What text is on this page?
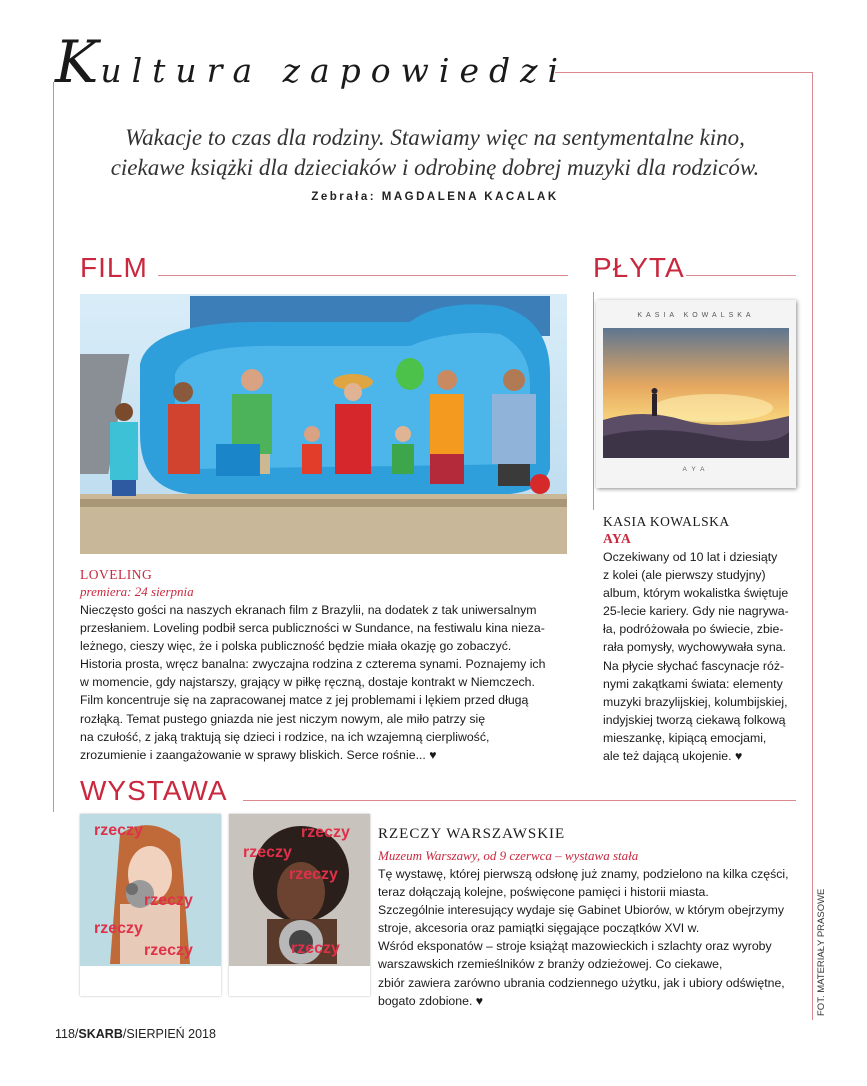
Kultura zapowiedzi
Wakacje to czas dla rodziny. Stawiamy więc na sentymentalne kino,
ciekawe książki dla dzieciaków i odrobinę dobrej muzyki dla rodziców.
Zebrała: MAGDALENA KACALAK
FILM
LOVELING
premiera: 24 sierpnia
Nieczęsto gości na naszych ekranach film z Brazylii, na dodatek z tak uniwersalnym
przesłaniem. Loveling podbił serca publiczności w Sundance, na festiwalu kina nieza-
leżnego, cieszy więc, że i polska publiczność będzie miała okazję go zobaczyć.
Historia prosta, wręcz banalna: zwyczajna rodzina z czterema synami. Poznajemy ich
w momencie, gdy najstarszy, grający w piłkę ręczną, dostaje kontrakt w Niemczech.
Film koncentruje się na zapracowanej matce z jej problemami i lękiem przed długą
rozłąką. Temat pustego gniazda nie jest niczym nowym, ale miło patrzy się
na czułość, z jaką traktują się dzieci i rodzice, na ich wzajemną cierpliwość,
zrozumienie i zaangażowanie w sprawy bliskich. Serce rośnie... ♥
PŁYTA
KASIA KOWALSKA
AYA
KASIA KOWALSKA
AYA
Oczekiwany od 10 lat i dziesiąty
z kolei (ale pierwszy studyjny)
album, którym wokalistka świętuje
25-lecie kariery. Gdy nie nagrywa-
ła, podróżowała po świecie, zbie-
rała pomysły, wychowywała syna.
Na płycie słychać fascynacje róż-
nymi zakątkami świata: elementy
muzyki brazylijskiej, kolumbijskiej,
indyjskiej tworzą ciekawą folkową
mieszankę, kipiącą emocjami,
ale też dającą ukojenie. ♥
WYSTAWA
rzeczy
rzeczy
rzeczy
rzeczy
rzeczy
rzeczy
rzeczy
rzeczy
RZECZY WARSZAWSKIE
Muzeum Warszawy, od 9 czerwca – wystawa stała
Tę wystawę, której pierwszą odsłonę już znamy, podzielono na kilka części,
teraz dołączają kolejne, poświęcone pamięci i historii miasta.
Szczególnie interesujący wydaje się Gabinet Ubiorów, w którym obejrzymy
stroje, akcesoria oraz pamiątki sięgające początków XVI w.
Wśród eksponatów – stroje książąt mazowieckich i szlachty oraz wyroby
warszawskich rzemieślników z branży odzieżowej. Co ciekawe,
zbiór zawiera zarówno ubrania codziennego użytku, jak i ubiory odświętne,
bogato zdobione. ♥
118/SKARB/SIERPIEŃ 2018
FOT. MATERIAŁY PRASOWE
